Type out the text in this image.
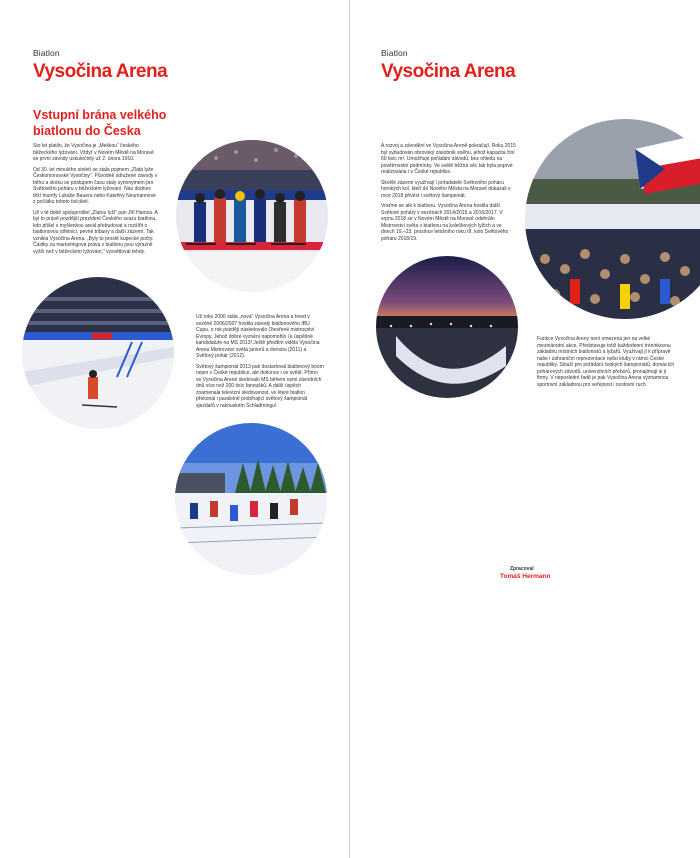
Biatlon
Vysočina Arena
Vstupní brána velkého biatlonu do Česka

Sto let platilo, že Vysočina je „Mekkou“ českého běžeckého lyžování. Vždyť v Novém Městě na Moravě se první závody uskutečnily už 2. února 1910.

Od 30. let minulého století se stala pojmem „Zlatá lyže Českomoravské Vysočiny“. Původně sdružené závody v běhu a skoku se postupem času staly synonymem pro Světového poháru v běžeckém lyžování. Nás dodnes těší triumfy Lukáše Bauera nebo Kateřiny Neumannové z počátku tohoto tisíciletí.

Už v té době spoluprodlel „Zlatou lyží“ pan Jiří Hamza. A byl to právě pozdější prezident Českého svazu biatlonu, kdo přišel s myšlenkou areál přebudovat a rozšířit o biatlonovou střelnici, pevné tribuny a další zázemí. Tak vznikla Vysočina Arena. „Byly to prostě kupecké počty. Částky za marketingová práva v biatlonu jsou výrazně vyšší než v běžeckém lyžování,“ vysvětloval tehdy.

Už roku 2006 stála „nová“ Vysočina Arena a hned v sezóně 2006/2007 hostila závody biatlonového IBU Cupu, o rok později následovalo Otevřené mistrovství Evropy. Jehož dobré vyznění napomohlo i k úspěšné kandidatuře na MS 2013! Ještě předtím viděla Vysočina Arena Mistrovství světa juniorů a dorostu (2011) a Světový pohár (2012).

Světový šampionát 2013 pak dostartoval biatlonový boom nejen v České republice, ale dokonce i ve světě. Přímo ve Vysočina Areně sledovalo MS během osmi závodních dnů více než 200 tisíc fanoušků. A další úspěch znamenala televizní sledovanost, ve které biatlon překonal i paralelně probíhající světový šampionát sjezdařů v rakouském Schladmingu!

Biatlon
Vysočina Arena

A rozvoj a závodění ve Vysočina Areně pokračují. Roku 2015 byl vybudován obrovský zásobník sněhu, jehož kapacita činí 60 tisíc m³. Umožňuje pořádání závodů, bez ohledu na povětrnostní podmínky. Ve světě běžná věc tak byla poprvé realizována i v České republice.

Skvělé zázemí využívají i pořadatelé Světového poháru horských kol, kteří do Nového Města na Moravě dokázali v roce 2018 přivést i světový šampionát.

Vraťme se ale k biatlonu. Vysočina Arena hostila další Světové poháry v sezónách 2014/2015 a 2016/2017. V srpnu 2018 se v Novém Městě na Moravě odehrálo Mistrovství světa v biatlonu na kolečkových lyžích a ve dnech 19.–23. prosince letošního roku III. kolo Světového poháru 2018/19.

Funkce Vysočina Areny není omezena jen na velké mezinárodní akce. Představuje totiž každodenní tréninkovou základnu místních biatlonistů a lyžařů. Využívají jí k přípravě naše i zahraniční reprezentace nebo kluby v rámci České republiky. Slouží pro pořádání českých šampionátů, domácích pohárových závodů, univerzitních přeborů, pronajímají si ji firmy. V neposlední řadě je pak Vysočina Arena významnou sportovní základnou pro veřejnost i cestovní ruch.

Zpracoval
Tomáš Hermann
